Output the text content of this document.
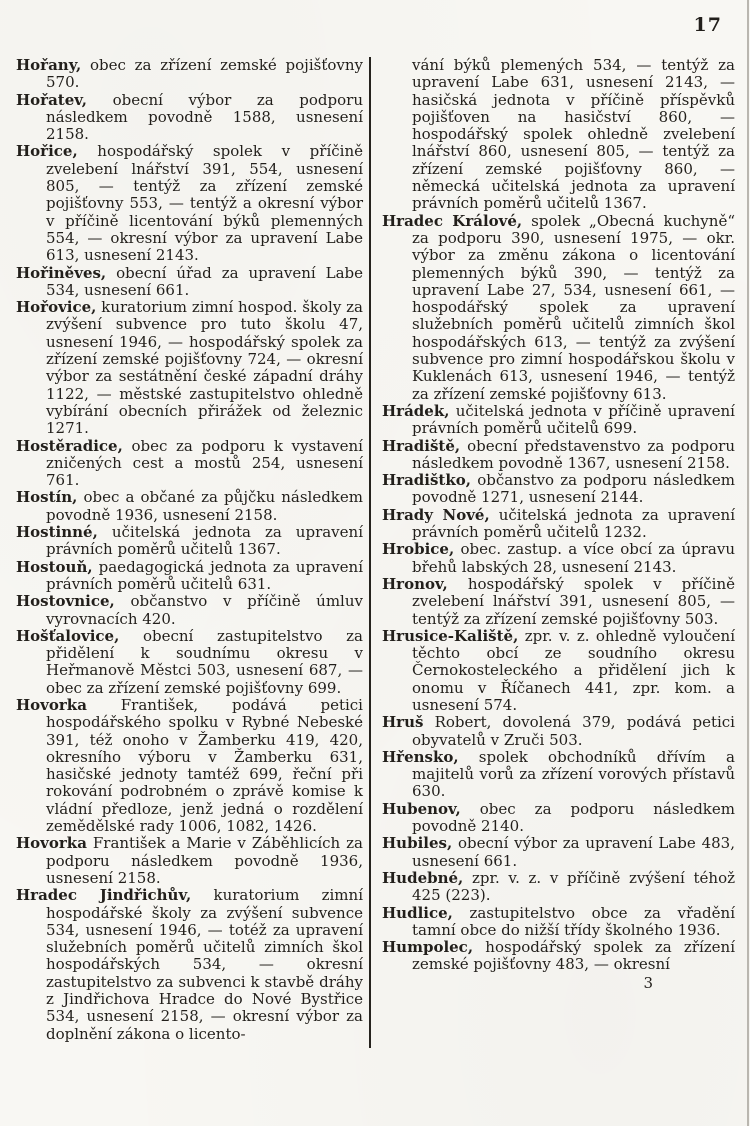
17

Hořany, obec za zřízení zemské pojišťovny 570.

Hořatev, obecní výbor za podporu následkem povodně 1588, usnesení 2158.

Hořice, hospodářský spolek v příčině zvelebení lnářství 391, 554, usnesení 805, — tentýž za zřízení zemské pojišťovny 553, — tentýž a okresní výbor v příčině licentování býků plemenných 554, — okresní výbor za upravení Labe 613, usnesení 2143.

Hořiněves, obecní úřad za upravení Labe 534, usnesení 661.

Hořovice, kuratorium zimní hospod. školy za zvýšení subvence pro tuto školu 47, usnesení 1946, — hospodářský spolek za zřízení zemské pojišťovny 724, — okresní výbor za sestátnění české západní dráhy 1122, — městské zastupitelstvo ohledně vybírání obecních přirážek od železnic 1271.

Hostěradice, obec za podporu k vystavení zničených cest a mostů 254, usnesení 761.

Hostín, obec a občané za půjčku následkem povodně 1936, usnesení 2158.

Hostinné, učitelská jednota za upravení právních poměrů učitelů 1367.

Hostouň, paedagogická jednota za upravení právních poměrů učitelů 631.

Hostovnice, občanstvo v příčině úmluv vyrovnacích 420.

Hošťalovice, obecní zastupitelstvo za přidělení k soudnímu okresu v Heřmanově Městci 503, usnesení 687, — obec za zřízení zemské pojišťovny 699.

Hovorka František, podává petici hospodářského spolku v Rybné Nebeské 391, též onoho v Žamberku 419, 420, okresního výboru v Žamberku 631, hasičské jednoty tamtéž 699, řeční při rokování podrobném o zprávě komise k vládní předloze, jenž jedná o rozdělení zemědělské rady 1006, 1082, 1426.

Hovorka František a Marie v Záběhlicích za podporu následkem povodně 1936, usnesení 2158.

Hradec Jindřichův, kuratorium zimní hospodářské školy za zvýšení subvence 534, usnesení 1946, — totéž za upravení služebních poměrů učitelů zimních škol hospodářských 534, — okresní zastupitelstvo za subvenci k stavbě dráhy z Jindřichova Hradce do Nové Bystřice 534, usnesení 2158, — okresní výbor za doplnění zákona o licento-

vání býků plemených 534, — tentýž za upravení Labe 631, usnesení 2143, — hasičská jednota v příčině příspěvků pojišťoven na hasičství 860, — hospodářský spolek ohledně zvelebení lnářství 860, usnesení 805, — tentýž za zřízení zemské pojišťovny 860, — německá učitelská jednota za upravení právních poměrů učitelů 1367.

Hradec Králové, spolek „Obecná kuchyně“ za podporu 390, usnesení 1975, — okr. výbor za změnu zákona o licentování plemenných býků 390, — tentýž za upravení Labe 27, 534, usnesení 661, — hospodářský spolek za upravení služebních poměrů učitelů zimních škol hospodářských 613, — tentýž za zvýšení subvence pro zimní hospodářskou školu v Kuklenách 613, usnesení 1946, — tentýž za zřízení zemské pojišťovny 613.

Hrádek, učitelská jednota v příčině upravení právních poměrů učitelů 699.

Hradiště, obecní představenstvo za podporu následkem povodně 1367, usnesení 2158.

Hradištko, občanstvo za podporu následkem povodně 1271, usnesení 2144.

Hrady Nové, učitelská jednota za upravení právních poměrů učitelů 1232.

Hrobice, obec. zastup. a více obcí za úpravu břehů labských 28, usnesení 2143.

Hronov, hospodářský spolek v příčině zvelebení lnářství 391, usnesení 805, — tentýž za zřízení zemské pojišťovny 503.

Hrusice-Kaliště, zpr. v. z. ohledně vyloučení těchto obcí ze soudního okresu Černokosteleckého a přidělení jich k onomu v Říčanech 441, zpr. kom. a usnesení 574.

Hruš Robert, dovolená 379, podává petici obyvatelů v Zruči 503.

Hřensko, spolek obchodníků dřívím a majitelů vorů za zřízení vorových přístavů 630.

Hubenov, obec za podporu následkem povodně 2140.

Hubiles, obecní výbor za upravení Labe 483, usnesení 661.

Hudebné, zpr. v. z. v příčině zvýšení téhož 425 (223).

Hudlice, zastupitelstvo obce za vřadění tamní obce do nižší třídy školného 1936.

Humpolec, hospodářský spolek za zřízení zemské pojišťovny 483, — okresní

3
